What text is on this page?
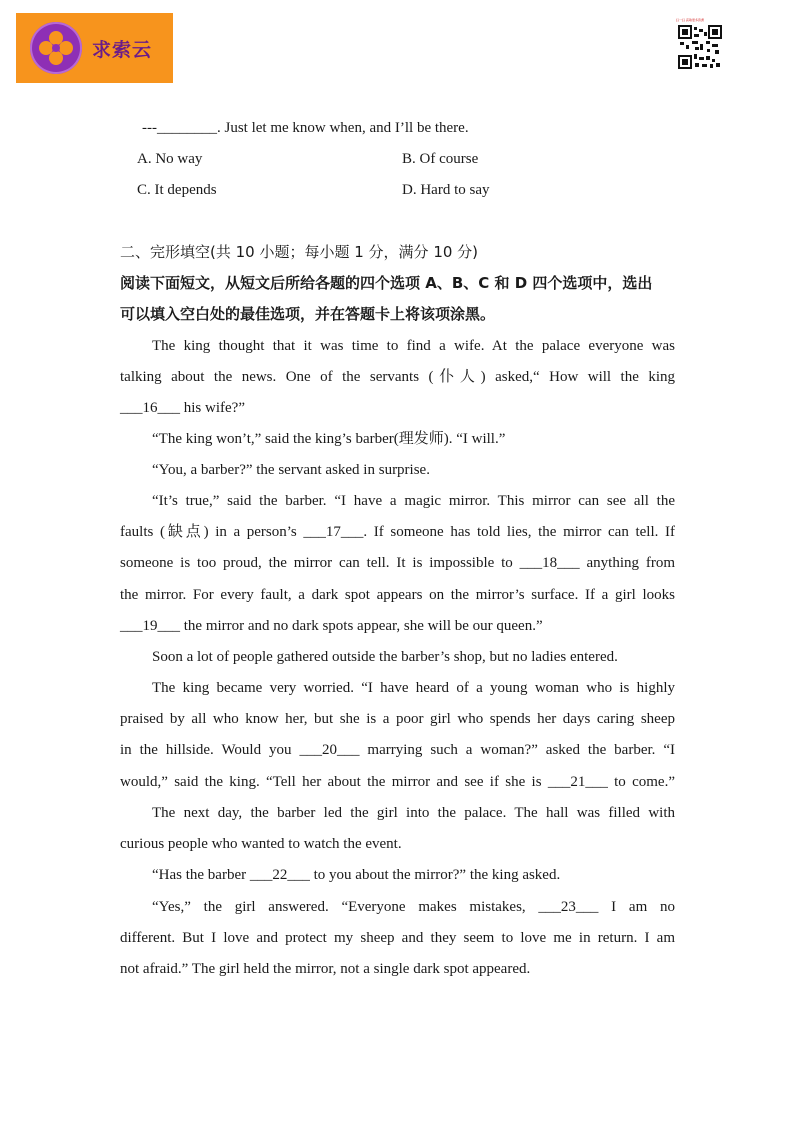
求索云
扫一扫 获取更多资源
---________. Just let me know when, and I’ll be there.
A. No way	B. Of course
C. It depends	D. Hard to say
二、完形填空(共 10 小题；每小题 1 分，满分 10 分)
阅读下面短文，从短文后所给各题的四个选项 A、B、C 和 D 四个选项中，选出
可以填入空白处的最佳选项，并在答题卡上将该项涂黑。
The king thought that it was time to find a wife. At the palace everyone was
talking about the news. One of the servants (仆人) asked,“ How will the king
___16___ his wife?”
“The king won’t,” said the king’s barber(理发师). “I will.”
“You, a barber?” the servant asked in surprise.
“It’s true,” said the barber. “I have a magic mirror. This mirror can see all the
faults (缺点) in a person’s ___17___. If someone has told lies, the mirror can tell. If
someone is too proud, the mirror can tell. It is impossible to ___18___ anything from
the mirror. For every fault, a dark spot appears on the mirror’s surface. If a girl looks
___19___ the mirror and no dark spots appear, she will be our queen.”
Soon a lot of people gathered outside the barber’s shop, but no ladies entered.
The king became very worried. “I have heard of a young woman who is highly
praised by all who know her, but she is a poor girl who spends her days caring sheep
in the hillside. Would you ___20___ marrying such a woman?” asked the barber. “I
would,” said the king. “Tell her about the mirror and see if she is ___21___ to come.”
The next day, the barber led the girl into the palace. The hall was filled with
curious people who wanted to watch the event.
“Has the barber ___22___ to you about the mirror?” the king asked.
“Yes,” the girl answered. “Everyone makes mistakes, ___23___ I am no
different. But I love and protect my sheep and they seem to love me in return. I am
not afraid.” The girl held the mirror, not a single dark spot appeared.
